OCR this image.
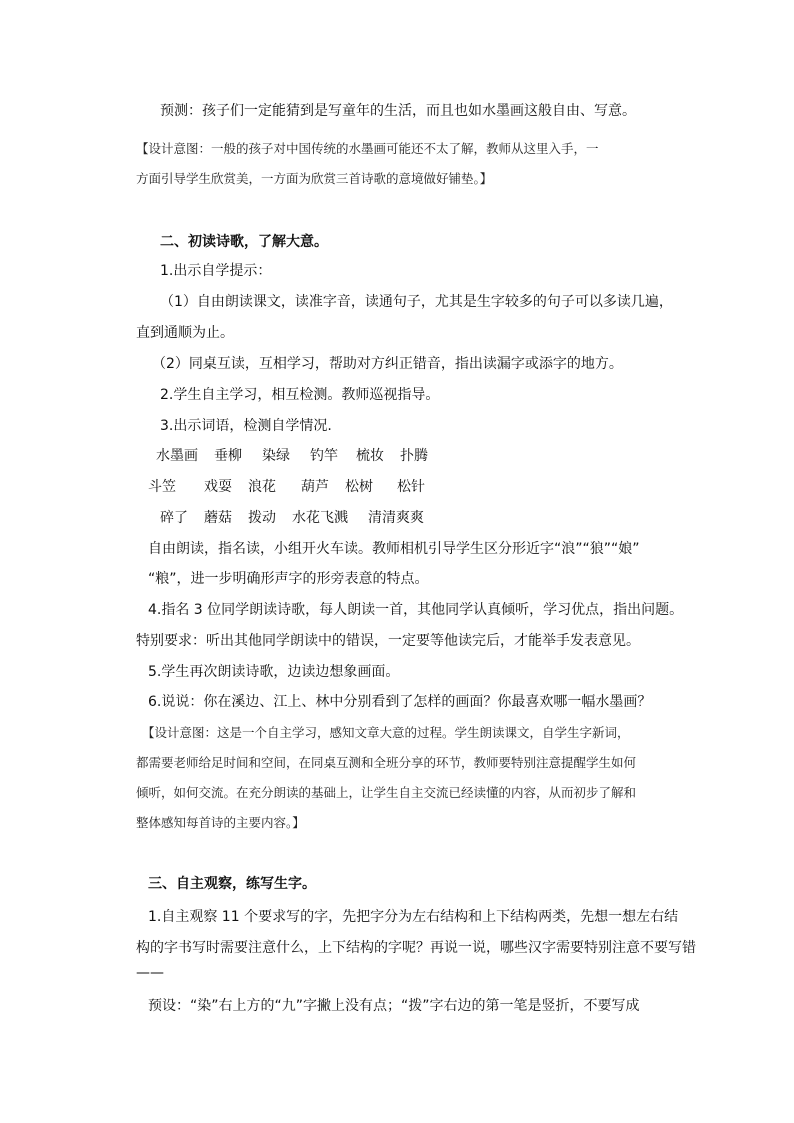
预测：孩子们一定能猜到是写童年的生活，而且也如水墨画这般自由、写意。
【设计意图：一般的孩子对中国传统的水墨画可能还不太了解，教师从这里入手，一
方面引导学生欣赏美，一方面为欣赏三首诗歌的意境做好铺垫。】
二、初读诗歌，了解大意。
1.出示自学提示：
（1）自由朗读课文，读准字音，读通句子，尤其是生字较多的句子可以多读几遍，
直到通顺为止。
（2）同桌互读，互相学习，帮助对方纠正错音，指出读漏字或添字的地方。
2.学生自主学习，相互检测。教师巡视指导。
3.出示词语，检测自学情况.
水墨画 垂柳 染绿 钓竿 梳妆 扑腾
斗笠 戏耍 浪花 葫芦 松树 松针
碎了 蘑菇 拨动 水花飞溅 清清爽爽
自由朗读，指名读，小组开火车读。教师相机引导学生区分形近字“浪”“狼”“娘”
“粮”，进一步明确形声字的形旁表意的特点。
4.指名 3 位同学朗读诗歌，每人朗读一首，其他同学认真倾听，学习优点，指出问题。
特别要求：听出其他同学朗读中的错误，一定要等他读完后，才能举手发表意见。
5.学生再次朗读诗歌，边读边想象画面。
6.说说：你在溪边、江上、林中分别看到了怎样的画面？你最喜欢哪一幅水墨画？
【设计意图：这是一个自主学习，感知文章大意的过程。学生朗读课文，自学生字新词，
都需要老师给足时间和空间，在同桌互测和全班分享的环节，教师要特别注意提醒学生如何
倾听，如何交流。在充分朗读的基础上，让学生自主交流已经读懂的内容，从而初步了解和
整体感知每首诗的主要内容。】
三、自主观察，练写生字。
1.自主观察 11 个要求写的字，先把字分为左右结构和上下结构两类，先想一想左右结
构的字书写时需要注意什么，上下结构的字呢？再说一说，哪些汉字需要特别注意不要写错
——
预设：“染”右上方的“九”字撇上没有点；“拨”字右边的第一笔是竖折，不要写成
